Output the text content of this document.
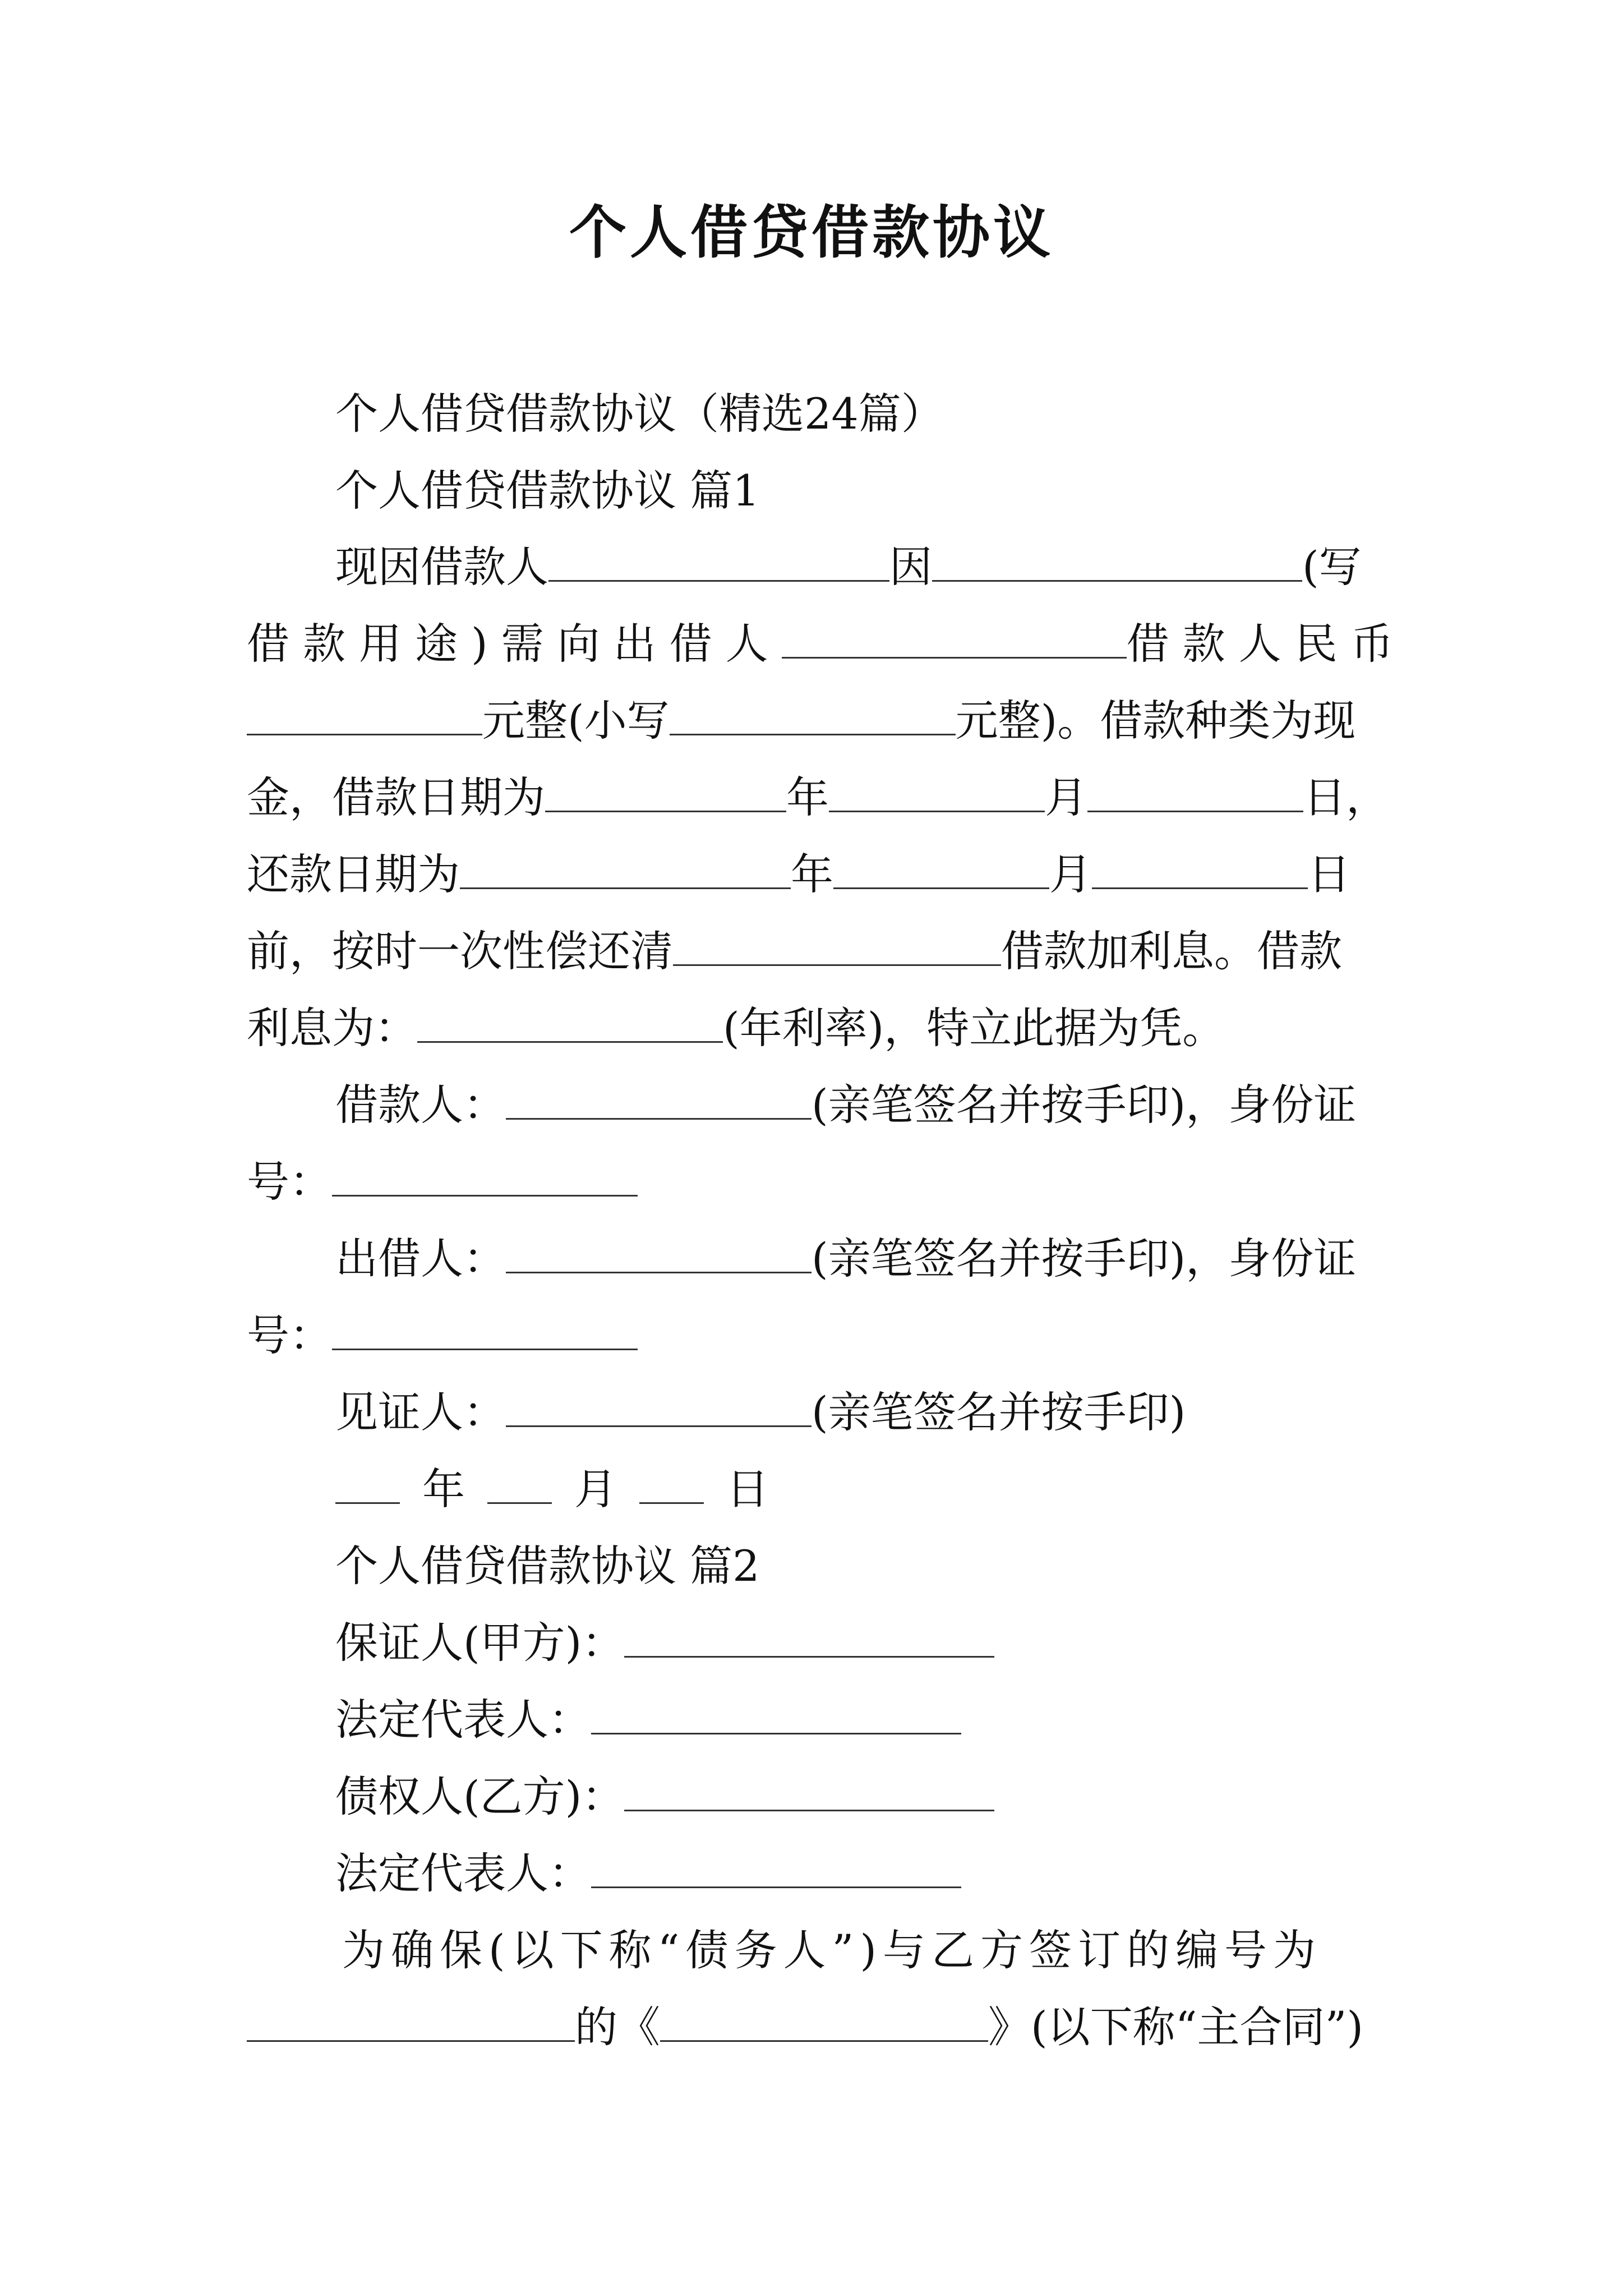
个人借贷借款协议

个人借贷借款协议（精选24篇）

个人借贷借款协议 篇1

现因借款人	因	(写

借款用途)需向出借人	借款人民币

元整(小写	元整)。借款种类为现

金，借款日期为	年	月	日，

还款日期为	年	月	日

前，按时一次性偿还清	借款加利息。借款

利息为：	(年利率)，特立此据为凭。

借款人：	(亲笔签名并按手印)，身份证

号：

出借人：	(亲笔签名并按手印)，身份证

号：

见证人：	(亲笔签名并按手印)

年	月	日

个人借贷借款协议 篇2

保证人(甲方)：

法定代表人：

债权人(乙方)：

法定代表人：

为确保(以下称“债务人”)与乙方签订的编号为

的《	》(以下称“主合同”)
